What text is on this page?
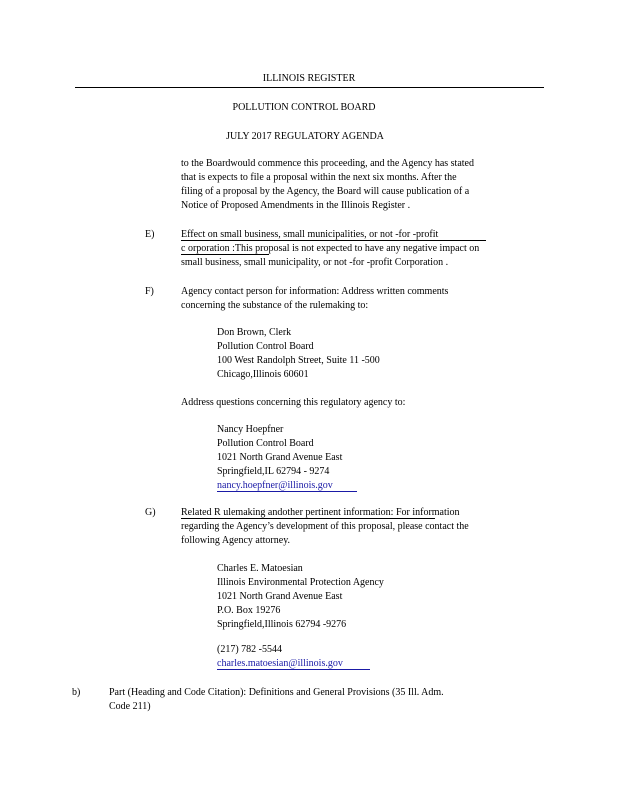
ILLINOIS REGISTER
POLLUTION CONTROL BOARD
JULY 2017 REGULATORY AGENDA
to the Boardwould commence this proceeding, and the Agency has stated
that is expects to file a proposal within the next six months. After the
filing of a proposal by the Agency, the Board will cause publication of a
Notice of Proposed Amendments in the Illinois Register .
E)	Effect on small business, small municipalities, or not -for -profit
c orporation :This proposal is not expected to have any negative impact on
small business, small municipality, or not -for -profit Corporation .
F)	Agency contact person for information: Address written comments
concerning the substance of the rulemaking to:
Don Brown, Clerk
Pollution Control Board
100 West Randolph Street, Suite 11 -500
Chicago,Illinois 60601
Address questions concerning this regulatory agency to:
Nancy Hoepfner
Pollution Control Board
1021 North Grand Avenue East
Springfield,IL 62794 - 9274
nancy.hoepfner@illinois.gov
G)	Related R ulemaking andother pertinent information: For information
regarding the Agency’s development of this proposal, please contact the
following Agency attorney.
Charles E. Matoesian
Illinois Environmental Protection Agency
1021 North Grand Avenue East
P.O. Box 19276
Springfield,Illinois 62794 -9276
(217) 782 -5544
charles.matoesian@illinois.gov
b)	Part (Heading and Code Citation): Definitions and General Provisions (35 Ill. Adm.
Code 211)
